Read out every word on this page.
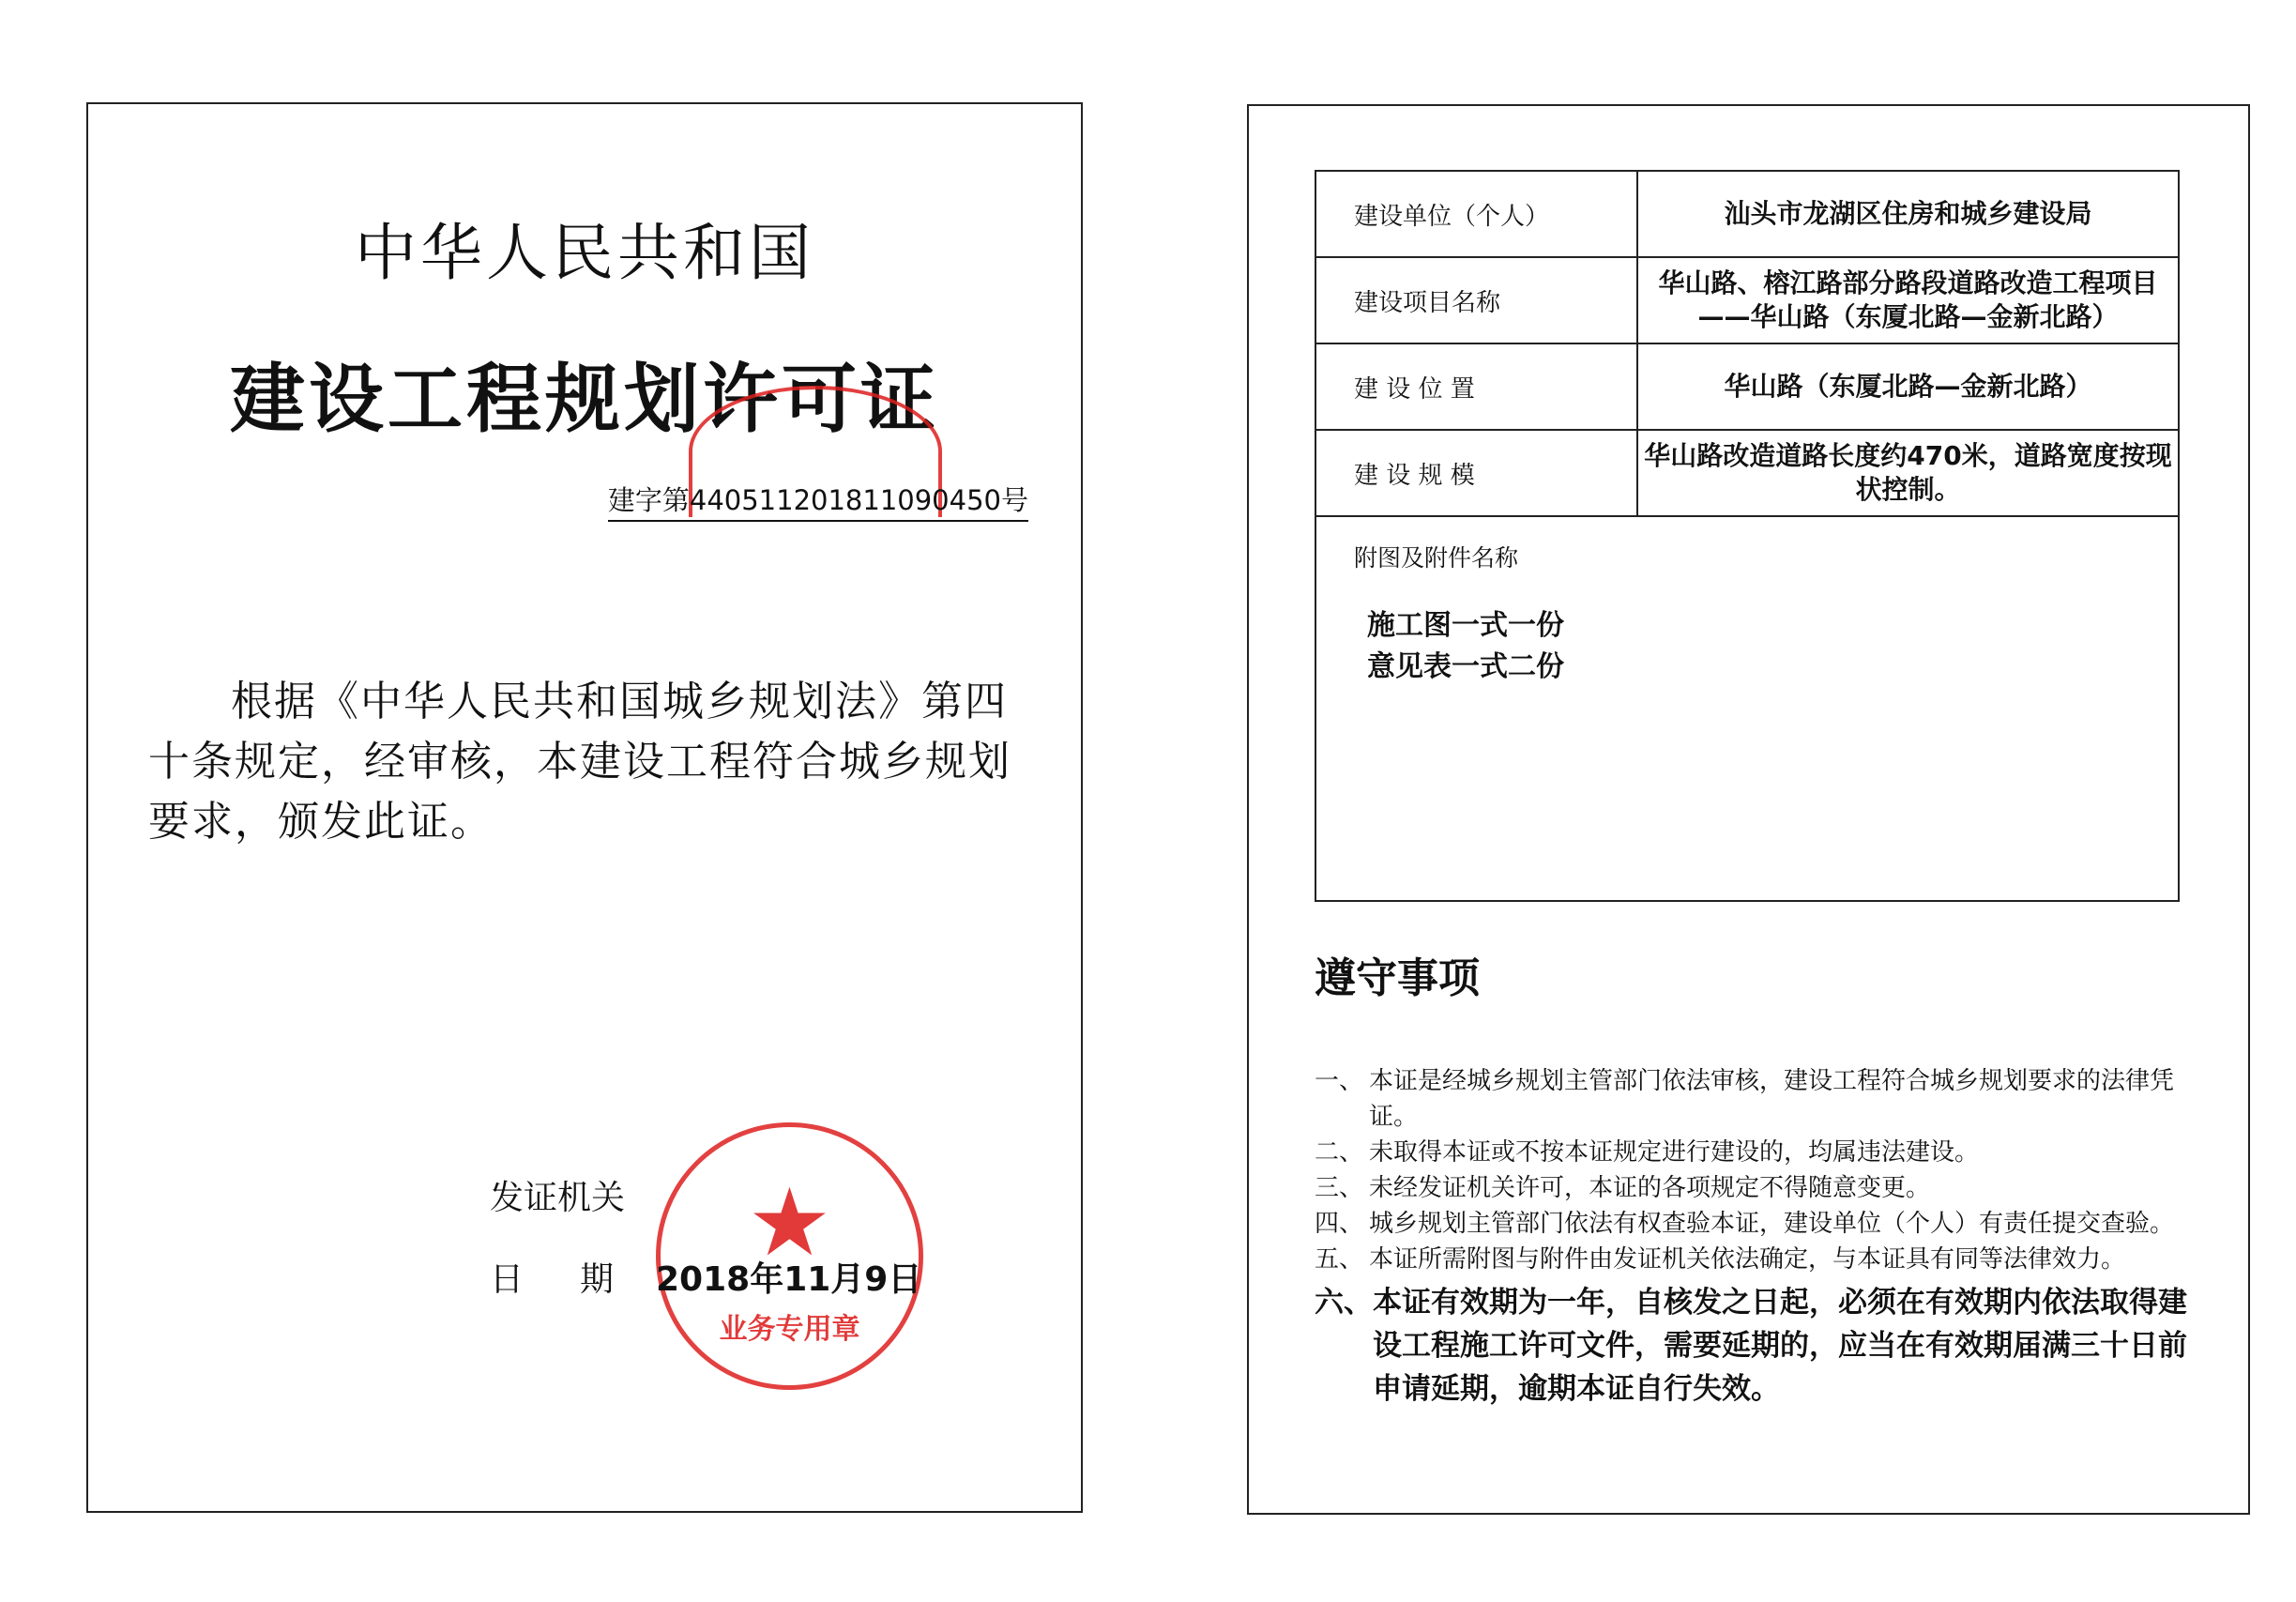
中华人民共和国
建设工程规划许可证
建字第440511201811090450号
根据《中华人民共和国城乡规划法》第四十条规定，经审核，本建设工程符合城乡规划要求，颁发此证。
发证机关
日期
★
业务专用章
2018年11月9日
建设单位（个人）	汕头市龙湖区住房和城乡建设局
建设项目名称	华山路、榕江路部分路段道路改造工程项目——华山路（东厦北路—金新北路）
建 设 位 置	华山路（东厦北路—金新北路）
建 设 规 模	华山路改造道路长度约470米，道路宽度按现状控制。

附图及附件名称
施工图一式一份
意见表一式二份	
遵守事项
一、 本证是经城乡规划主管部门依法审核，建设工程符合城乡规划要求的法律凭证。
二、 未取得本证或不按本证规定进行建设的，均属违法建设。
三、 未经发证机关许可，本证的各项规定不得随意变更。
四、 城乡规划主管部门依法有权查验本证，建设单位（个人）有责任提交查验。
五、 本证所需附图与附件由发证机关依法确定，与本证具有同等法律效力。
六、 本证有效期为一年，自核发之日起，必须在有效期内依法取得建设工程施工许可文件，需要延期的，应当在有效期届满三十日前申请延期，逾期本证自行失效。
